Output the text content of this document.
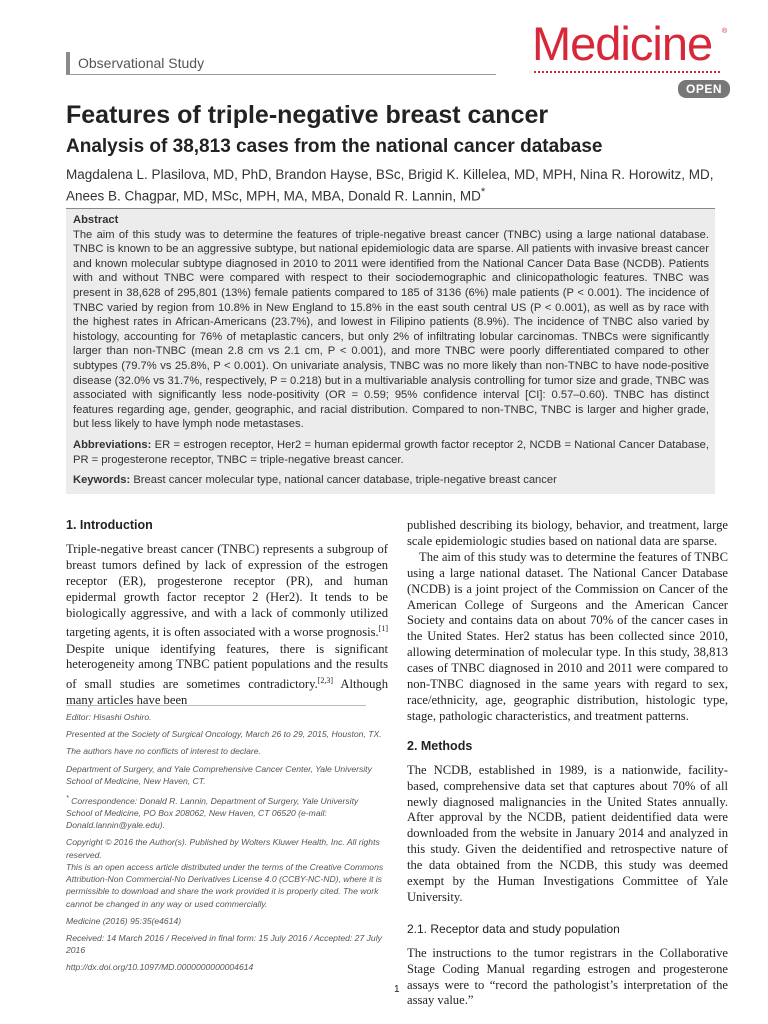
Observational Study	Medicine ®
OPEN
Features of triple-negative breast cancer
Analysis of 38,813 cases from the national cancer database
Magdalena L. Plasilova, MD, PhD, Brandon Hayse, BSc, Brigid K. Killelea, MD, MPH, Nina R. Horowitz, MD, Anees B. Chagpar, MD, MSc, MPH, MA, MBA, Donald R. Lannin, MD*
Abstract

The aim of this study was to determine the features of triple-negative breast cancer (TNBC) using a large national database. TNBC is known to be an aggressive subtype, but national epidemiologic data are sparse. All patients with invasive breast cancer and known molecular subtype diagnosed in 2010 to 2011 were identified from the National Cancer Data Base (NCDB). Patients with and without TNBC were compared with respect to their sociodemographic and clinicopathologic features. TNBC was present in 38,628 of 295,801 (13%) female patients compared to 185 of 3136 (6%) male patients (P < 0.001). The incidence of TNBC varied by region from 10.8% in New England to 15.8% in the east south central US (P < 0.001), as well as by race with the highest rates in African-Americans (23.7%), and lowest in Filipino patients (8.9%). The incidence of TNBC also varied by histology, accounting for 76% of metaplastic cancers, but only 2% of infiltrating lobular carcinomas. TNBCs were significantly larger than non-TNBC (mean 2.8 cm vs 2.1 cm, P < 0.001), and more TNBC were poorly differentiated compared to other subtypes (79.7% vs 25.8%, P < 0.001). On univariate analysis, TNBC was no more likely than non-TNBC to have node-positive disease (32.0% vs 31.7%, respectively, P = 0.218) but in a multivariable analysis controlling for tumor size and grade, TNBC was associated with significantly less node-positivity (OR = 0.59; 95% confidence interval [CI]: 0.57–0.60). TNBC has distinct features regarding age, gender, geographic, and racial distribution. Compared to non-TNBC, TNBC is larger and higher grade, but less likely to have lymph node metastases.

Abbreviations: ER = estrogen receptor, Her2 = human epidermal growth factor receptor 2, NCDB = National Cancer Database, PR = progesterone receptor, TNBC = triple-negative breast cancer.

Keywords: Breast cancer molecular type, national cancer database, triple-negative breast cancer

1. Introduction

Triple-negative breast cancer (TNBC) represents a subgroup of breast tumors defined by lack of expression of the estrogen receptor (ER), progesterone receptor (PR), and human epidermal growth factor receptor 2 (Her2). It tends to be biologically aggressive, and with a lack of commonly utilized targeting agents, it is often associated with a worse prognosis.[1] Despite unique identifying features, there is significant heterogeneity among TNBC patient populations and the results of small studies are sometimes contradictory.[2,3] Although many articles have been

Editor: Hisashi Oshiro.

Presented at the Society of Surgical Oncology, March 26 to 29, 2015, Houston, TX.

The authors have no conflicts of interest to declare.

Department of Surgery, and Yale Comprehensive Cancer Center, Yale University School of Medicine, New Haven, CT.

* Correspondence: Donald R. Lannin, Department of Surgery, Yale University School of Medicine, PO Box 208062, New Haven, CT 06520 (e-mail: Donald.lannin@yale.edu).

Copyright © 2016 the Author(s). Published by Wolters Kluwer Health, Inc. All rights reserved.

This is an open access article distributed under the terms of the Creative Commons Attribution-Non Commercial-No Derivatives License 4.0 (CCBY-NC-ND), where it is permissible to download and share the work provided it is properly cited. The work cannot be changed in any way or used commercially.

Medicine (2016) 95:35(e4614)

Received: 14 March 2016 / Received in final form: 15 July 2016 / Accepted: 27 July 2016

http://dx.doi.org/10.1097/MD.0000000000004614

published describing its biology, behavior, and treatment, large scale epidemiologic studies based on national data are sparse.

The aim of this study was to determine the features of TNBC using a large national dataset. The National Cancer Database (NCDB) is a joint project of the Commission on Cancer of the American College of Surgeons and the American Cancer Society and contains data on about 70% of the cancer cases in the United States. Her2 status has been collected since 2010, allowing determination of molecular type. In this study, 38,813 cases of TNBC diagnosed in 2010 and 2011 were compared to non-TNBC diagnosed in the same years with regard to sex, race/ethnicity, age, geographic distribution, histologic type, stage, pathologic characteristics, and treatment patterns.

2. Methods

The NCDB, established in 1989, is a nationwide, facility-based, comprehensive data set that captures about 70% of all newly diagnosed malignancies in the United States annually. After approval by the NCDB, patient deidentified data were downloaded from the website in January 2014 and analyzed in this study. Given the deidentified and retrospective nature of the data obtained from the NCDB, this study was deemed exempt by the Human Investigations Committee of Yale University.

2.1. Receptor data and study population

The instructions to the tumor registrars in the Collaborative Stage Coding Manual regarding estrogen and progesterone assays were to “record the pathologist’s interpretation of the assay value.”

1
